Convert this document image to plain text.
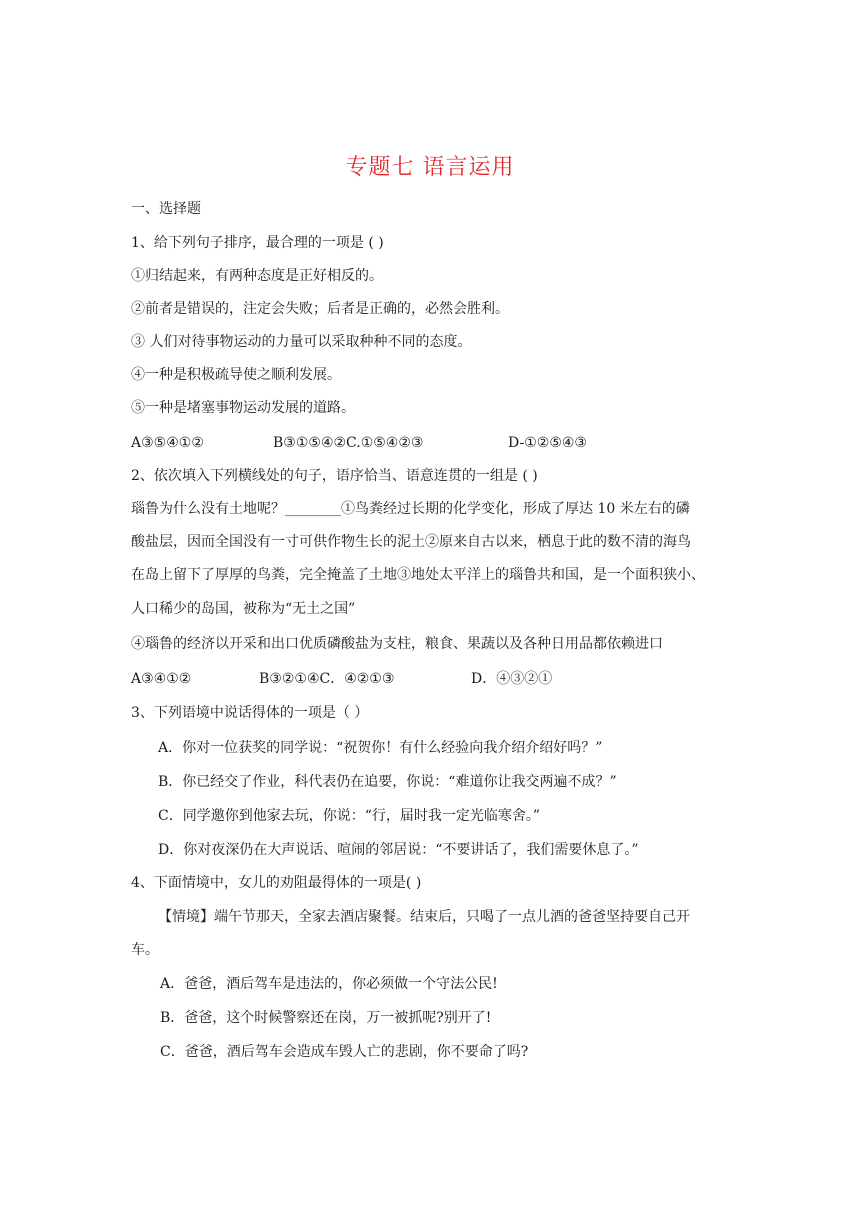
专题七 语言运用
一、选择题
1、给下列句子排序，最合理的一项是 ( )
①归结起来，有两种态度是正好相反的。
②前者是错误的，注定会失败；后者是正确的，必然会胜利。
③ 人们对待事物运动的力量可以采取种种不同的态度。
④一种是积极疏导使之顺利发展。
⑤一种是堵塞事物运动发展的道路。
A③⑤④①②	B③①⑤④②C.①⑤④②③	D-①②⑤④③
2、依次填入下列横线处的句子，语序恰当、语意连贯的一组是 ( )
瑙鲁为什么没有土地呢？________①鸟粪经过长期的化学变化，形成了厚达 10 米左右的磷
酸盐层，因而全国没有一寸可供作物生长的泥土②原来自古以来，栖息于此的数不清的海鸟
在岛上留下了厚厚的鸟粪，完全掩盖了土地③地处太平洋上的瑙鲁共和国，是一个面积狭小、
人口稀少的岛国，被称为“无土之国”
④瑙鲁的经济以开采和出口优质磷酸盐为支柱，粮食、果蔬以及各种日用品都依赖进口
A③④①②	B③②①④C．④②①③	D．④③②①
3、下列语境中说话得体的一项是（ ）
A．你对一位获奖的同学说：“祝贺你！有什么经验向我介绍介绍好吗？”
B．你已经交了作业，科代表仍在追要，你说：“难道你让我交两遍不成？”
C．同学邀你到他家去玩，你说：“行，届时我一定光临寒舍。”
D．你对夜深仍在大声说话、喧闹的邻居说：“不要讲话了，我们需要休息了。”
4、下面情境中，女儿的劝阻最得体的一项是( )
【情境】端午节那天，全家去酒店聚餐。结束后，只喝了一点儿酒的爸爸坚持要自己开
车。
A．爸爸，酒后驾车是违法的，你必须做一个守法公民!
B．爸爸，这个时候警察还在岗，万一被抓呢?别开了!
C．爸爸，酒后驾车会造成车毁人亡的悲剧，你不要命了吗?
